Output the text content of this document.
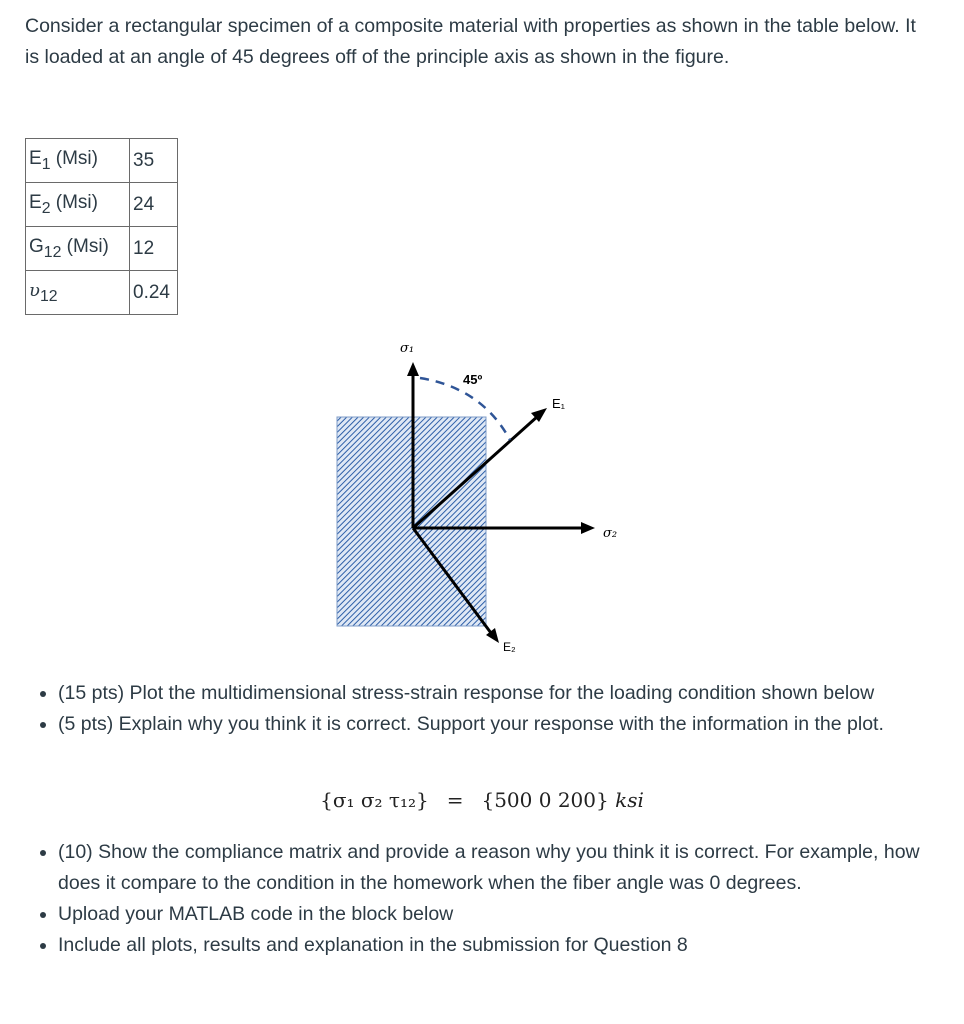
Consider a rectangular specimen of a composite material with properties as shown in the table below. It is loaded at an angle of 45 degrees off of the principle axis as shown in the figure.

$E_1$ (Msi)	35
$E_2$ (Msi)	24
$G_{12}$ (Msi)	12
$\upsilon_{12}$	0.24
σ₁
45º
E₁
σ₂
E₂
• (15 pts) Plot the multidimensional stress-strain response for the loading condition shown below
• (5 pts) Explain why you think it is correct. Support your response with the information in the plot.
{σ₁ σ₂ τ₁₂} = {500 0 200} ksi
• (10) Show the compliance matrix and provide a reason why you think it is correct. For example, how does it compare to the condition in the homework when the fiber angle was 0 degrees.
• Upload your MATLAB code in the block below
• Include all plots, results and explanation in the submission for Question 8
